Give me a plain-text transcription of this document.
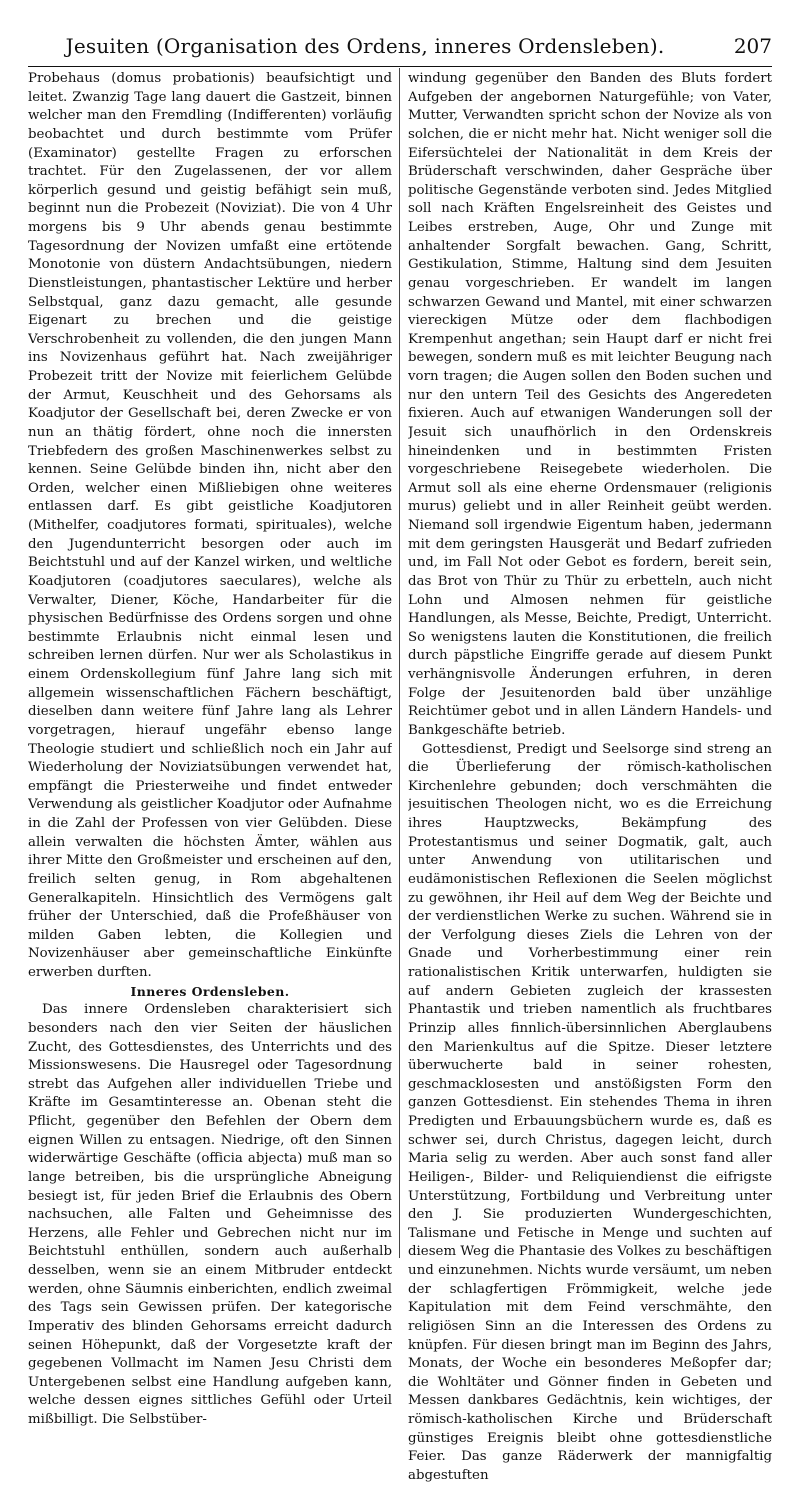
Jesuiten (Organisation des Ordens, inneres Ordensleben).	207

Probehaus (domus probationis) beaufsichtigt und leitet. Zwanzig Tage lang dauert die Gastzeit, binnen welcher man den Fremdling (Indifferenten) vorläufig beobachtet und durch bestimmte vom Prüfer (Examinator) gestellte Fragen zu erforschen trachtet. Für den Zugelassenen, der vor allem körperlich gesund und geistig befähigt sein muß, beginnt nun die Probezeit (Noviziat). Die von 4 Uhr morgens bis 9 Uhr abends genau bestimmte Tagesordnung der Novizen umfaßt eine ertötende Monotonie von düstern Andachtsübungen, niedern Dienstleistungen, phantastischer Lektüre und herber Selbstqual, ganz dazu gemacht, alle gesunde Eigenart zu brechen und die geistige Verschrobenheit zu vollenden, die den jungen Mann ins Novizenhaus geführt hat. Nach zweijähriger Probezeit tritt der Novize mit feierlichem Gelübde der Armut, Keuschheit und des Gehorsams als Koadjutor der Gesellschaft bei, deren Zwecke er von nun an thätig fördert, ohne noch die innersten Triebfedern des großen Maschinenwerkes selbst zu kennen. Seine Gelübde binden ihn, nicht aber den Orden, welcher einen Mißliebigen ohne weiteres entlassen darf. Es gibt geistliche Koadjutoren (Mithelfer, coadjutores formati, spirituales), welche den Jugendunterricht besorgen oder auch im Beichtstuhl und auf der Kanzel wirken, und weltliche Koadjutoren (coadjutores saeculares), welche als Verwalter, Diener, Köche, Handarbeiter für die physischen Bedürfnisse des Ordens sorgen und ohne bestimmte Erlaubnis nicht einmal lesen und schreiben lernen dürfen. Nur wer als Scholastikus in einem Ordenskollegium fünf Jahre lang sich mit allgemein wissenschaftlichen Fächern beschäftigt, dieselben dann weitere fünf Jahre lang als Lehrer vorgetragen, hierauf ungefähr ebenso lange Theologie studiert und schließlich noch ein Jahr auf Wiederholung der Noviziatsübungen verwendet hat, empfängt die Priesterweihe und findet entweder Verwendung als geistlicher Koadjutor oder Aufnahme in die Zahl der Professen von vier Gelübden. Diese allein verwalten die höchsten Ämter, wählen aus ihrer Mitte den Großmeister und erscheinen auf den, freilich selten genug, in Rom abgehaltenen Generalkapiteln. Hinsichtlich des Vermögens galt früher der Unterschied, daß die Profeßhäuser von milden Gaben lebten, die Kollegien und Novizenhäuser aber gemeinschaftliche Einkünfte erwerben durften.

Inneres Ordensleben.

Das innere Ordensleben charakterisiert sich besonders nach den vier Seiten der häuslichen Zucht, des Gottesdienstes, des Unterrichts und des Missionswesens. Die Hausregel oder Tagesordnung strebt das Aufgehen aller individuellen Triebe und Kräfte im Gesamtinteresse an. Obenan steht die Pflicht, gegenüber den Befehlen der Obern dem eignen Willen zu entsagen. Niedrige, oft den Sinnen widerwärtige Geschäfte (officia abjecta) muß man so lange betreiben, bis die ursprüngliche Abneigung besiegt ist, für jeden Brief die Erlaubnis des Obern nachsuchen, alle Falten und Geheimnisse des Herzens, alle Fehler und Gebrechen nicht nur im Beichtstuhl enthüllen, sondern auch außerhalb desselben, wenn sie an einem Mitbruder entdeckt werden, ohne Säumnis einberichten, endlich zweimal des Tags sein Gewissen prüfen. Der kategorische Imperativ des blinden Gehorsams erreicht dadurch seinen Höhepunkt, daß der Vorgesetzte kraft der gegebenen Vollmacht im Namen Jesu Christi dem Untergebenen selbst eine Handlung aufgeben kann, welche dessen eignes sittliches Gefühl oder Urteil mißbilligt. Die Selbstüber-

windung gegenüber den Banden des Bluts fordert Aufgeben der angebornen Naturgefühle; von Vater, Mutter, Verwandten spricht schon der Novize als von solchen, die er nicht mehr hat. Nicht weniger soll die Eifersüchtelei der Nationalität in dem Kreis der Brüderschaft verschwinden, daher Gespräche über politische Gegenstände verboten sind. Jedes Mitglied soll nach Kräften Engelsreinheit des Geistes und Leibes erstreben, Auge, Ohr und Zunge mit anhaltender Sorgfalt bewachen. Gang, Schritt, Gestikulation, Stimme, Haltung sind dem Jesuiten genau vorgeschrieben. Er wandelt im langen schwarzen Gewand und Mantel, mit einer schwarzen viereckigen Mütze oder dem flachbodigen Krempenhut angethan; sein Haupt darf er nicht frei bewegen, sondern muß es mit leichter Beugung nach vorn tragen; die Augen sollen den Boden suchen und nur den untern Teil des Gesichts des Angeredeten fixieren. Auch auf etwanigen Wanderungen soll der Jesuit sich unaufhörlich in den Ordenskreis hineindenken und in bestimmten Fristen vorgeschriebene Reisegebete wiederholen. Die Armut soll als eine eherne Ordensmauer (religionis murus) geliebt und in aller Reinheit geübt werden. Niemand soll irgendwie Eigentum haben, jedermann mit dem geringsten Hausgerät und Bedarf zufrieden und, im Fall Not oder Gebot es fordern, bereit sein, das Brot von Thür zu Thür zu erbetteln, auch nicht Lohn und Almosen nehmen für geistliche Handlungen, als Messe, Beichte, Predigt, Unterricht. So wenigstens lauten die Konstitutionen, die freilich durch päpstliche Eingriffe gerade auf diesem Punkt verhängnisvolle Änderungen erfuhren, in deren Folge der Jesuitenorden bald über unzählige Reichtümer gebot und in allen Ländern Handels- und Bankgeschäfte betrieb.

Gottesdienst, Predigt und Seelsorge sind streng an die Überlieferung der römisch-katholischen Kirchenlehre gebunden; doch verschmähten die jesuitischen Theologen nicht, wo es die Erreichung ihres Hauptzwecks, Bekämpfung des Protestantismus und seiner Dogmatik, galt, auch unter Anwendung von utilitarischen und eudämonistischen Reflexionen die Seelen möglichst zu gewöhnen, ihr Heil auf dem Weg der Beichte und der verdienstlichen Werke zu suchen. Während sie in der Verfolgung dieses Ziels die Lehren von der Gnade und Vorherbestimmung einer rein rationalistischen Kritik unterwarfen, huldigten sie auf andern Gebieten zugleich der krassesten Phantastik und trieben namentlich als fruchtbares Prinzip alles finnlich-übersinnlichen Aberglaubens den Marienkultus auf die Spitze. Dieser letztere überwucherte bald in seiner rohesten, geschmacklosesten und anstößigsten Form den ganzen Gottesdienst. Ein stehendes Thema in ihren Predigten und Erbauungsbüchern wurde es, daß es schwer sei, durch Christus, dagegen leicht, durch Maria selig zu werden. Aber auch sonst fand aller Heiligen-, Bilder- und Reliquiendienst die eifrigste Unterstützung, Fortbildung und Verbreitung unter den J. Sie produzierten Wundergeschichten, Talismane und Fetische in Menge und suchten auf diesem Weg die Phantasie des Volkes zu beschäftigen und einzunehmen. Nichts wurde versäumt, um neben der schlagfertigen Frömmigkeit, welche jede Kapitulation mit dem Feind verschmähte, den religiösen Sinn an die Interessen des Ordens zu knüpfen. Für diesen bringt man im Beginn des Jahrs, Monats, der Woche ein besonderes Meßopfer dar; die Wohltäter und Gönner finden in Gebeten und Messen dankbares Gedächtnis, kein wichtiges, der römisch-katholischen Kirche und Brüderschaft günstiges Ereignis bleibt ohne gottesdienstliche Feier. Das ganze Räderwerk der mannigfaltig abgestuften
